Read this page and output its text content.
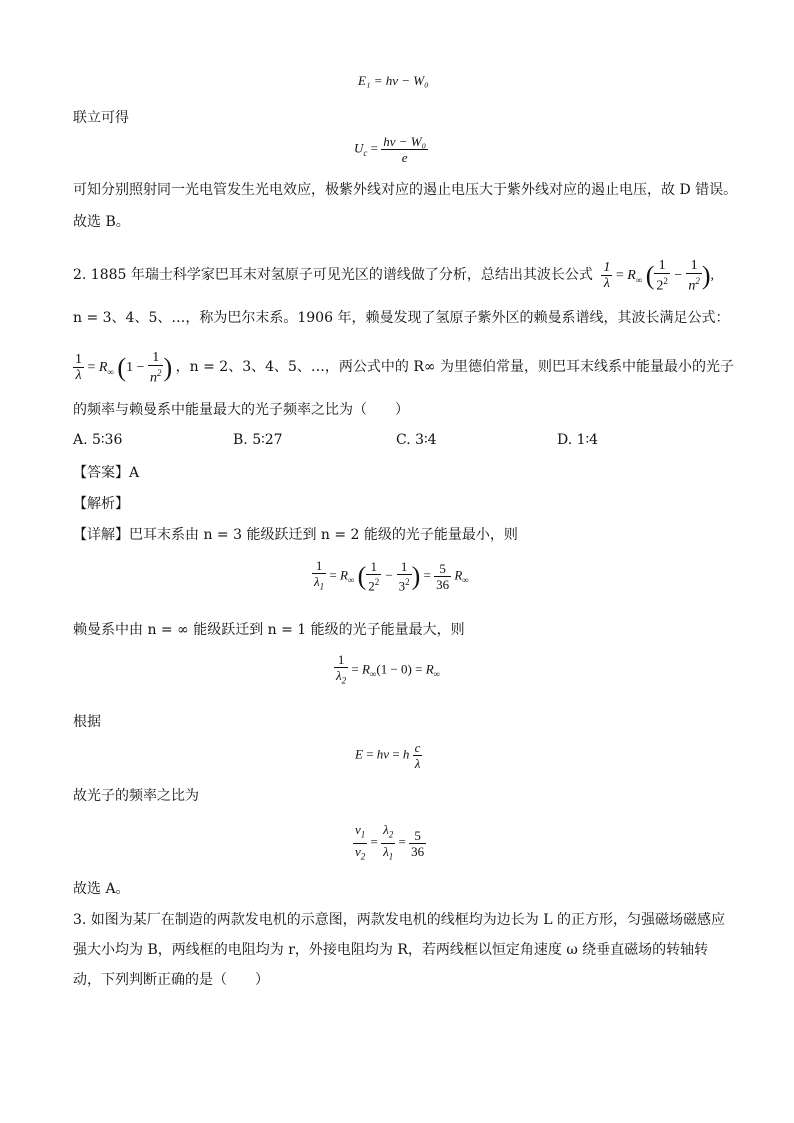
E₁ = hν − W₀
联立可得
$U_c = \frac{\text{hν − W₀}}{e}$
可知分别照射同一光电管发生光电效应，极紫外线对应的遏止电压大于紫外线对应的遏止电压，故 D 错误。
故选 B。
2. 1885 年瑞士科学家巴耳末对氢原子可见光区的谱线做了分析，总结出其波长公式 $\frac{1}{\lambda} = R_\infty$ ( $\frac{1}{2^2} - \frac{1}{n^2}$ ),
n = 3、4、5、…，称为巴尔末系。1906 年，赖曼发现了氢原子紫外区的赖曼系谱线，其波长满足公式：
$\frac{1}{\lambda} = R_\infty$ ($1 - \frac{1}{n^2}$ ) ，n = 2、3、4、5、…，两公式中的 R∞ 为里德伯常量，则巴耳末线系中能量最小的光子
的频率与赖曼系中能量最大的光子频率之比为（　　）
A. 5∶36	B. 5∶27	C. 3∶4	D. 1∶4
【答案】A
【解析】
【详解】巴耳末系由 n = 3 能级跃迁到 n = 2 能级的光子能量最小，则
$\frac{1}{\lambda_1} = R_\infty$ ( $\frac{1}{2^2} - \frac{1}{3^2}$ ) = $\frac{5}{36} R_\infty$
赖曼系中由 n = ∞ 能级跃迁到 n = 1 能级的光子能量最大，则
$\frac{1}{\lambda_2} = R_\infty(1 - 0) = R_\infty$
根据
E = hν = h $\frac{c}{\lambda}$
故光子的频率之比为
$\frac{\nu_1}{\nu_2} = \frac{\lambda_2}{\lambda_1} = \frac{5}{36}$
故选 A。
3. 如图为某厂在制造的两款发电机的示意图，两款发电机的线框均为边长为 L 的正方形，匀强磁场磁感应
强大小均为 B，两线框的电阻均为 r，外接电阻均为 R，若两线框以恒定角速度 ω 绕垂直磁场的转轴转
动，下列判断正确的是（　　）
